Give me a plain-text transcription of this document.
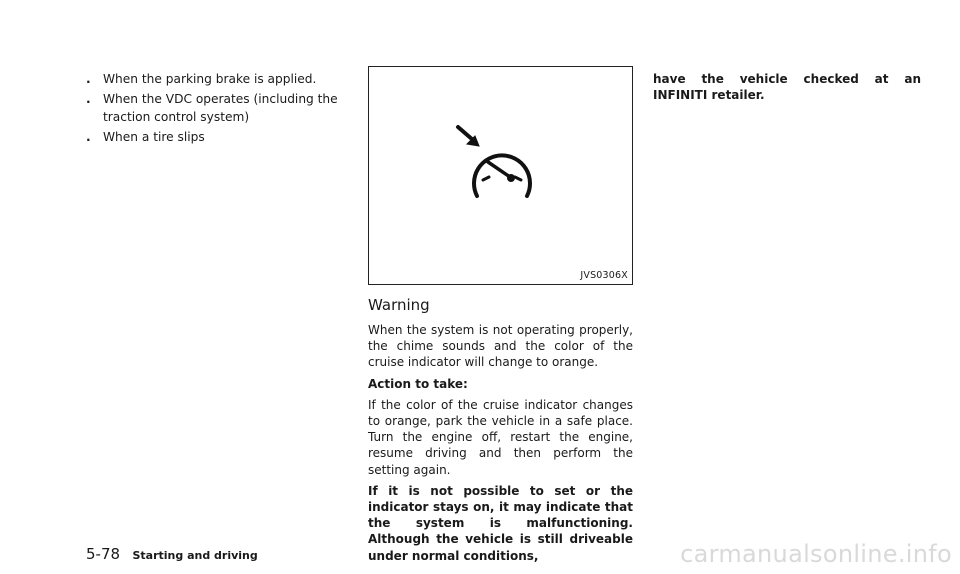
. When the parking brake is applied.
. When the VDC operates (including the traction control system)
. When a tire slips
JVS0306X
Warning

When the system is not operating properly, the chime sounds and the color of the cruise indicator will change to orange.

Action to take:

If the color of the cruise indicator changes to orange, park the vehicle in a safe place. Turn the engine off, restart the engine, resume driving and then perform the setting again.

If it is not possible to set or the indicator stays on, it may indicate that the system is malfunctioning. Although the vehicle is still driveable under normal conditions,

have the vehicle checked at an INFINITI retailer.

5-78 Starting and driving	carmanualsonline.info
